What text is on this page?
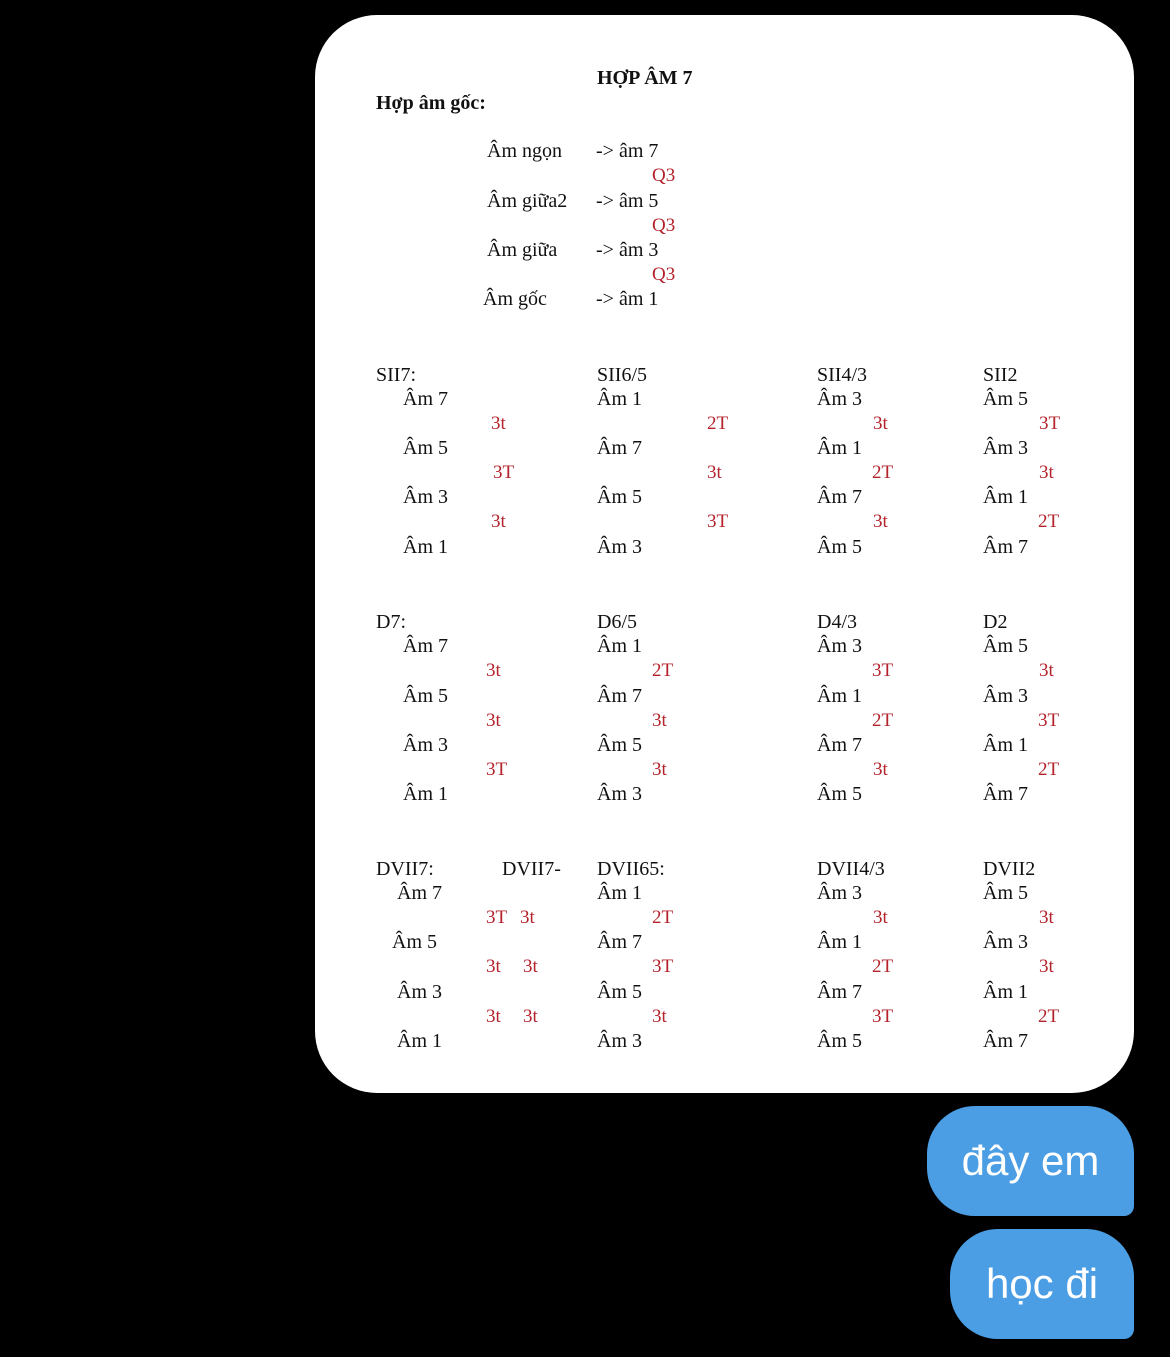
HỢP ÂM 7
Hợp âm gốc:
Âm ngọn -> âm 7
Q3
Âm giữa2 -> âm 5
Q3
Âm giữa -> âm 3
Q3
Âm gốc -> âm 1
SII7:
Âm 7
3t
Âm 5
3T
Âm 3
3t
Âm 1
SII6/5
Âm 1
2T
Âm 7
3t
Âm 5
3T
Âm 3
SII4/3
Âm 3
3t
Âm 1
2T
Âm 7
3t
Âm 5
SII2
Âm 5
3T
Âm 3
3t
Âm 1
2T
Âm 7
D7:
Âm 7
3t
Âm 5
3t
Âm 3
3T
Âm 1
D6/5
Âm 1
2T
Âm 7
3t
Âm 5
3t
Âm 3
D4/3
Âm 3
3T
Âm 1
2T
Âm 7
3t
Âm 5
D2
Âm 5
3t
Âm 3
3T
Âm 1
2T
Âm 7
DVII7:	DVII7-
Âm 7
3T 3t
Âm 5
3t 3t
Âm 3
3t 3t
Âm 1
DVII65:
Âm 1
2T
Âm 7
3T
Âm 5
3t
Âm 3
DVII4/3
Âm 3
3t
Âm 1
2T
Âm 7
3T
Âm 5
DVII2
Âm 5
3t
Âm 3
3t
Âm 1
2T
Âm 7
đây em
học đi
